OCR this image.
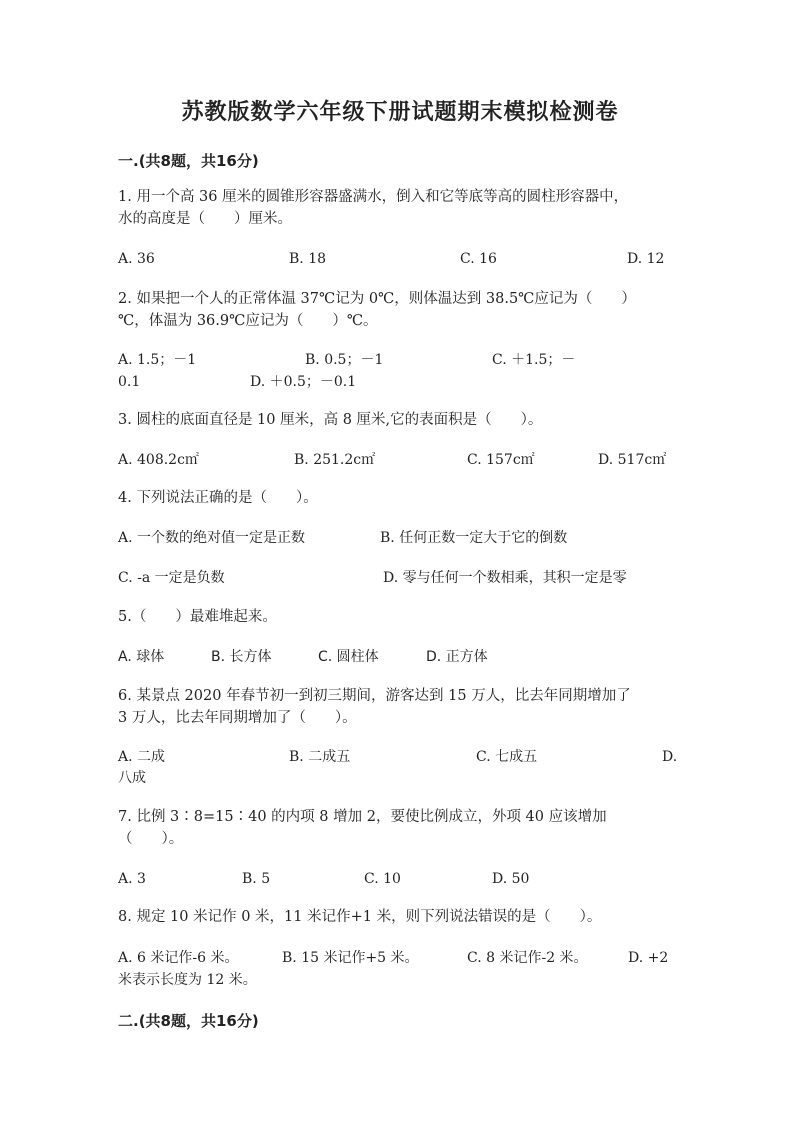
苏教版数学六年级下册试题期末模拟检测卷
一.(共8题，共16分)
1. 用一个高 36 厘米的圆锥形容器盛满水，倒入和它等底等高的圆柱形容器中，
水的高度是（　　）厘米。
A. 36	B. 18	C. 16	D. 12
2. 如果把一个人的正常体温 37℃记为 0℃，则体温达到 38.5℃应记为（　　）
℃，体温为 36.9℃应记为（　　）℃。
A. 1.5；－1	B. 0.5；－1	C. ＋1.5；－
0.1	D. ＋0.5；－0.1
3. 圆柱的底面直径是 10 厘米，高 8 厘米,它的表面积是（　　）。
A. 408.2c㎡	B. 251.2c㎡	C. 157c㎡	D. 517c㎡
4. 下列说法正确的是（　　）。
A. 一个数的绝对值一定是正数	B. 任何正数一定大于它的倒数
C. -a 一定是负数	D. 零与任何一个数相乘，其积一定是零
5.（　　）最难堆起来。
A. 球体	B. 长方体	C. 圆柱体	D. 正方体
6. 某景点 2020 年春节初一到初三期间，游客达到 15 万人，比去年同期增加了
3 万人，比去年同期增加了（　　）。
A. 二成	B. 二成五	C. 七成五	D.
八成
7. 比例 3∶8=15∶40 的内项 8 增加 2，要使比例成立，外项 40 应该增加
（　　）。
A. 3	B. 5	C. 10	D. 50
8. 规定 10 米记作 0 米，11 米记作+1 米，则下列说法错误的是（　　）。
A. 6 米记作-6 米。	B. 15 米记作+5 米。	C. 8 米记作-2 米。	D. +2
米表示长度为 12 米。
二.(共8题，共16分)
